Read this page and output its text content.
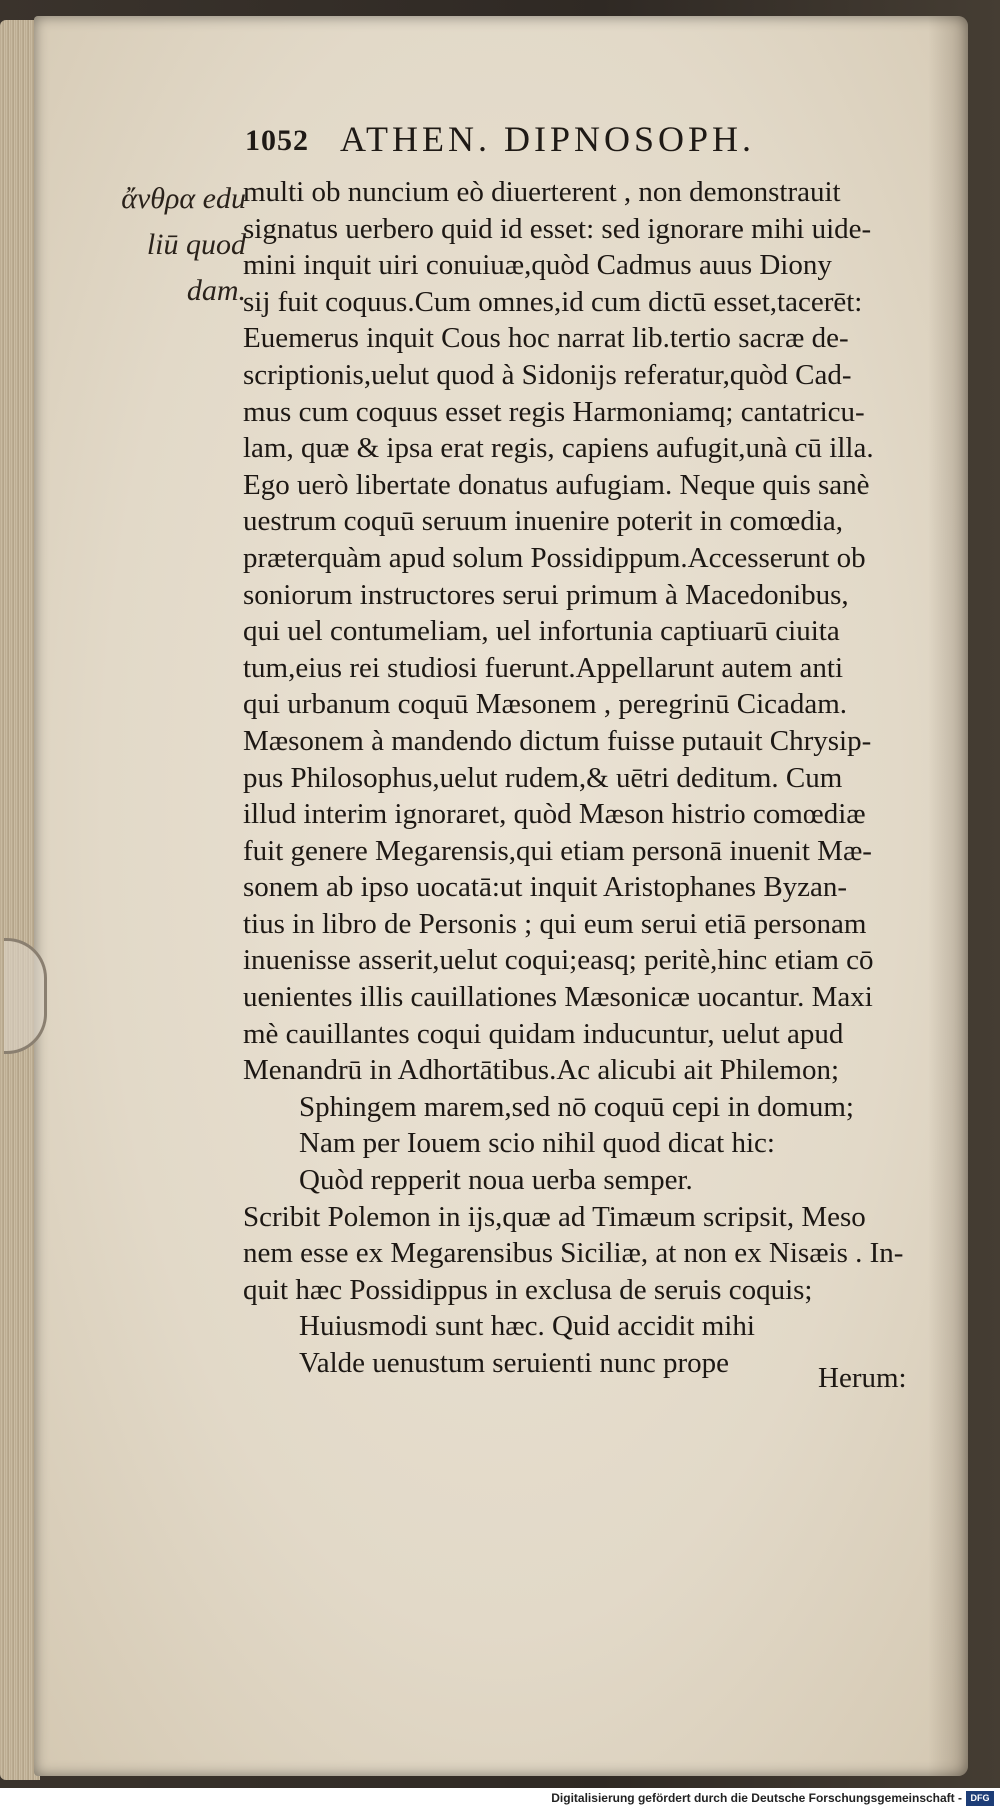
1052 ATHEN. DIPNOSOPH.
ἄνθρα edu
liū quod
dam.
multi ob nuncium eò diuerterent , non demonstrauit
signatus uerbero quid id esset: sed ignorare mihi uide-
mini inquit uiri conuiuæ,quòd Cadmus auus Diony
sij fuit coquus.Cum omnes,id cum dictū esset,tacerēt:
Euemerus inquit Cous hoc narrat lib.tertio sacræ de-
scriptionis,uelut quod à Sidonijs referatur,quòd Cad-
mus cum coquus esset regis Harmoniamq; cantatricu-
lam, quæ & ipsa erat regis, capiens aufugit,unà cū illa.
Ego uerò libertate donatus aufugiam. Neque quis sanè
uestrum coquū seruum inuenire poterit in comœdia,
prӕterquàm apud solum Possidippum.Accesserunt ob
soniorum instructores serui primum à Macedonibus,
qui uel contumeliam, uel infortunia captiuarū ciuita
tum,eius rei studiosi fuerunt.Appellarunt autem anti
qui urbanum coquū Mæsonem , peregrinū Cicadam.
Mӕsonem à mandendo dictum fuisse putauit Chrysip-
pus Philosophus,uelut rudem,& uētri deditum. Cum
illud interim ignoraret, quòd Mæson histrio comœdiæ
fuit genere Megarensis,qui etiam personā inuenit Mæ-
sonem ab ipso uocatā:ut inquit Aristophanes Byzan-
tius in libro de Personis ; qui eum serui etiā personam
inuenisse asserit,uelut coqui;easq; peritè,hinc etiam cō
uenientes illis cauillationes Mæsonicæ uocantur. Maxi
mè cauillantes coqui quidam inducuntur, uelut apud
Menandrū in Adhortātibus.Ac alicubi ait Philemon;
Sphingem marem,sed nō coquū cepi in domum;
Nam per Iouem scio nihil quod dicat hic:
Quòd repperit noua uerba semper.
Scribit Polemon in ijs,quæ ad Timæum scripsit, Meso
nem esse ex Megarensibus Siciliæ, at non ex Nisæis . In-
quit hæc Possidippus in exclusa de seruis coquis;
Huiusmodi sunt hæc. Quid accidit mihi
Valde uenustum seruienti nunc prope	Herum:
Digitalisierung gefördert durch die Deutsche Forschungsgemeinschaft - DFG
